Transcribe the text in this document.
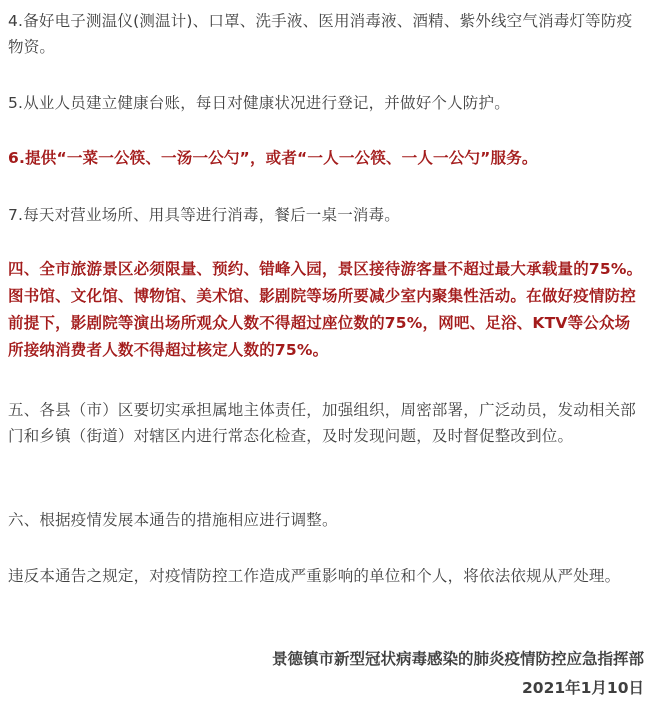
4.备好电子测温仪(测温计)、口罩、洗手液、医用消毒液、酒精、紫外线空气消毒灯等防疫物资。

5.从业人员建立健康台账，每日对健康状况进行登记，并做好个人防护。

6.提供“一菜一公筷、一汤一公勺”，或者“一人一公筷、一人一公勺”服务。

7.每天对营业场所、用具等进行消毒，餐后一桌一消毒。

四、全市旅游景区必须限量、预约、错峰入园，景区接待游客量不超过最大承载量的75%。图书馆、文化馆、博物馆、美术馆、影剧院等场所要减少室内聚集性活动。在做好疫情防控前提下，影剧院等演出场所观众人数不得超过座位数的75%，网吧、足浴、KTV等公众场所接纳消费者人数不得超过核定人数的75%。

五、各县（市）区要切实承担属地主体责任，加强组织，周密部署，广泛动员，发动相关部门和乡镇（街道）对辖区内进行常态化检查，及时发现问题，及时督促整改到位。

六、根据疫情发展本通告的措施相应进行调整。

违反本通告之规定，对疫情防控工作造成严重影响的单位和个人，将依法依规从严处理。

景德镇市新型冠状病毒感染的肺炎疫情防控应急指挥部
2021年1月10日
